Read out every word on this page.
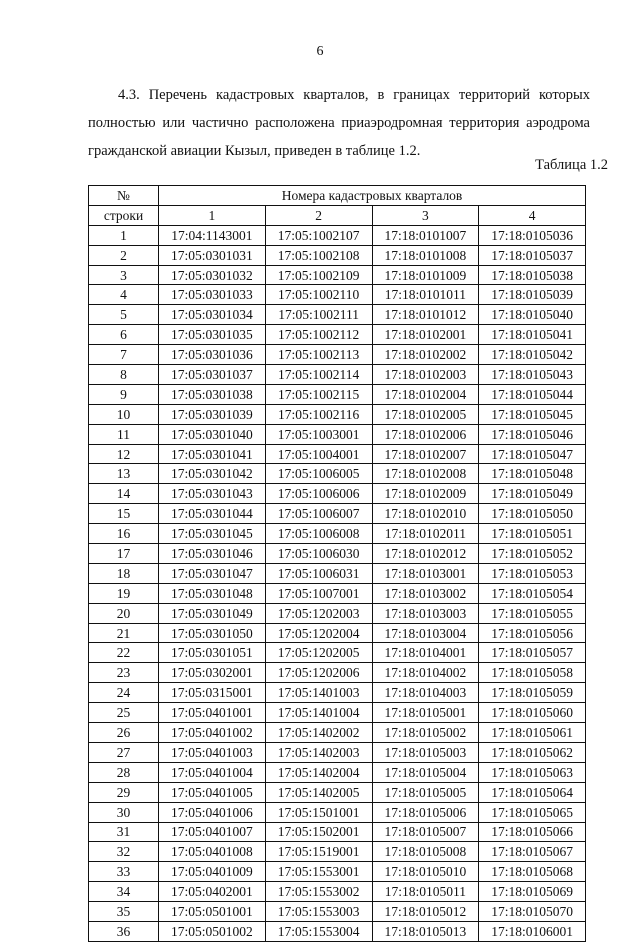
6
4.3. Перечень кадастровых кварталов, в границах территорий которых
полностью или частично расположена приаэродромная территория аэродрома
гражданской авиации Кызыл, приведен в таблице 1.2.
Таблица 1.2
№	Номера кадастровых кварталов			
строки	1	2	3	4
1	17:04:1143001	17:05:1002107	17:18:0101007	17:18:0105036
2	17:05:0301031	17:05:1002108	17:18:0101008	17:18:0105037
3	17:05:0301032	17:05:1002109	17:18:0101009	17:18:0105038
4	17:05:0301033	17:05:1002110	17:18:0101011	17:18:0105039
5	17:05:0301034	17:05:1002111	17:18:0101012	17:18:0105040
6	17:05:0301035	17:05:1002112	17:18:0102001	17:18:0105041
7	17:05:0301036	17:05:1002113	17:18:0102002	17:18:0105042
8	17:05:0301037	17:05:1002114	17:18:0102003	17:18:0105043
9	17:05:0301038	17:05:1002115	17:18:0102004	17:18:0105044
10	17:05:0301039	17:05:1002116	17:18:0102005	17:18:0105045
11	17:05:0301040	17:05:1003001	17:18:0102006	17:18:0105046
12	17:05:0301041	17:05:1004001	17:18:0102007	17:18:0105047
13	17:05:0301042	17:05:1006005	17:18:0102008	17:18:0105048
14	17:05:0301043	17:05:1006006	17:18:0102009	17:18:0105049
15	17:05:0301044	17:05:1006007	17:18:0102010	17:18:0105050
16	17:05:0301045	17:05:1006008	17:18:0102011	17:18:0105051
17	17:05:0301046	17:05:1006030	17:18:0102012	17:18:0105052
18	17:05:0301047	17:05:1006031	17:18:0103001	17:18:0105053
19	17:05:0301048	17:05:1007001	17:18:0103002	17:18:0105054
20	17:05:0301049	17:05:1202003	17:18:0103003	17:18:0105055
21	17:05:0301050	17:05:1202004	17:18:0103004	17:18:0105056
22	17:05:0301051	17:05:1202005	17:18:0104001	17:18:0105057
23	17:05:0302001	17:05:1202006	17:18:0104002	17:18:0105058
24	17:05:0315001	17:05:1401003	17:18:0104003	17:18:0105059
25	17:05:0401001	17:05:1401004	17:18:0105001	17:18:0105060
26	17:05:0401002	17:05:1402002	17:18:0105002	17:18:0105061
27	17:05:0401003	17:05:1402003	17:18:0105003	17:18:0105062
28	17:05:0401004	17:05:1402004	17:18:0105004	17:18:0105063
29	17:05:0401005	17:05:1402005	17:18:0105005	17:18:0105064
30	17:05:0401006	17:05:1501001	17:18:0105006	17:18:0105065
31	17:05:0401007	17:05:1502001	17:18:0105007	17:18:0105066
32	17:05:0401008	17:05:1519001	17:18:0105008	17:18:0105067
33	17:05:0401009	17:05:1553001	17:18:0105010	17:18:0105068
34	17:05:0402001	17:05:1553002	17:18:0105011	17:18:0105069
35	17:05:0501001	17:05:1553003	17:18:0105012	17:18:0105070
36	17:05:0501002	17:05:1553004	17:18:0105013	17:18:0106001
